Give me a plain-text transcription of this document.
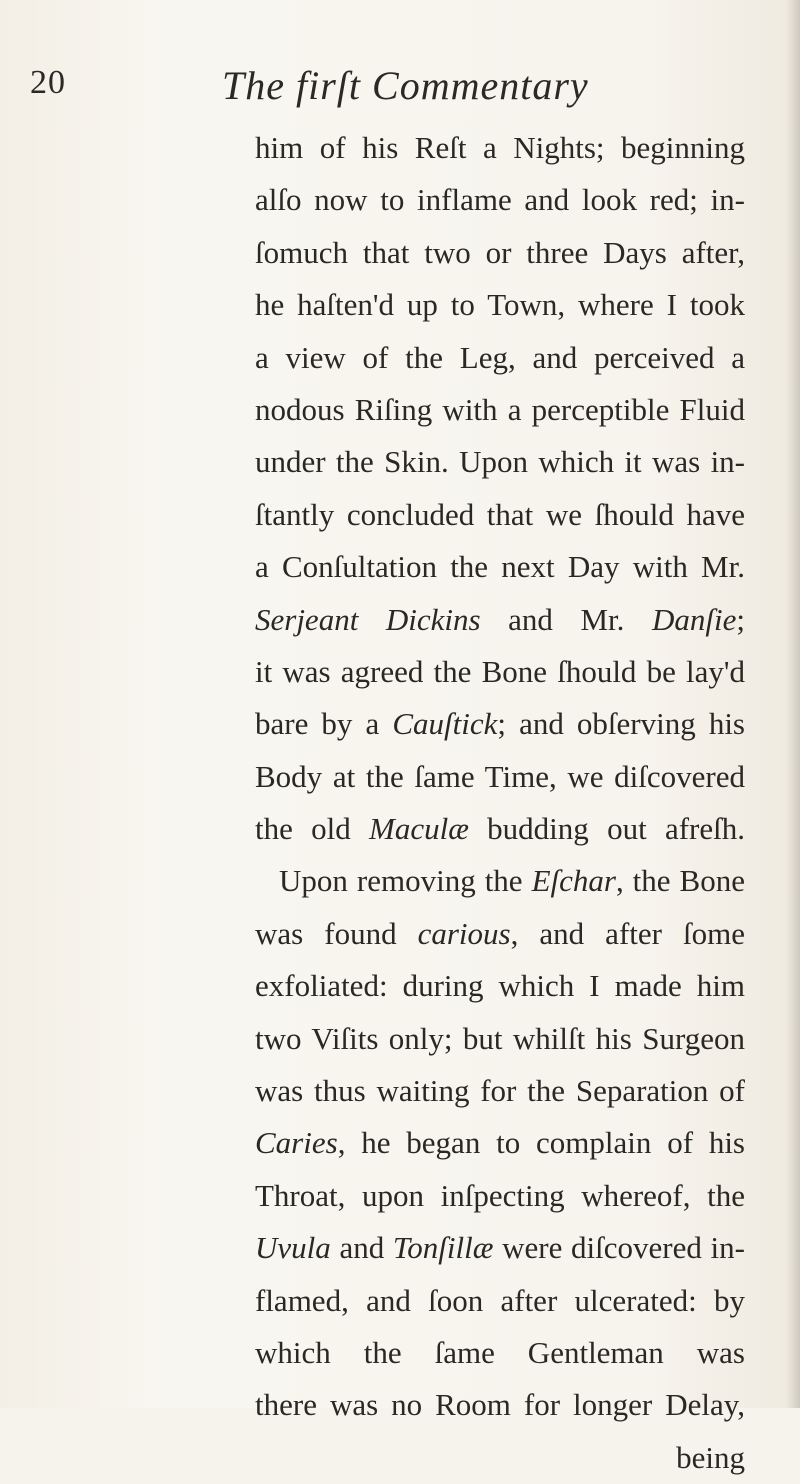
20	The firſt Commentary
him of his Reſt a Nights; beginning
alſo now to inflame and look red; in-
ſomuch that two or three Days after,
he haſten'd up to Town, where I took
a view of the Leg, and perceived a
nodous Riſing with a perceptible Fluid
under the Skin. Upon which it was in-
ſtantly concluded that we ſhould have
a Conſultation the next Day with Mr.
Serjeant Dickins and Mr. Danſie;
it was agreed the Bone ſhould be lay'd
bare by a Cauſtick; and obſerving his
Body at the ſame Time, we diſcovered
the old Maculæ budding out afreſh.
Upon removing the Eſchar, the Bone
was found carious, and after ſome
exfoliated: during which I made him
two Viſits only; but whilſt his Surgeon
was thus waiting for the Separation of
Caries, he began to complain of his
Throat, upon inſpecting whereof, the
Uvula and Tonſillæ were diſcovered in-
flamed, and ſoon after ulcerated: by
which the ſame Gentleman was
there was no Room for longer Delay,
being
